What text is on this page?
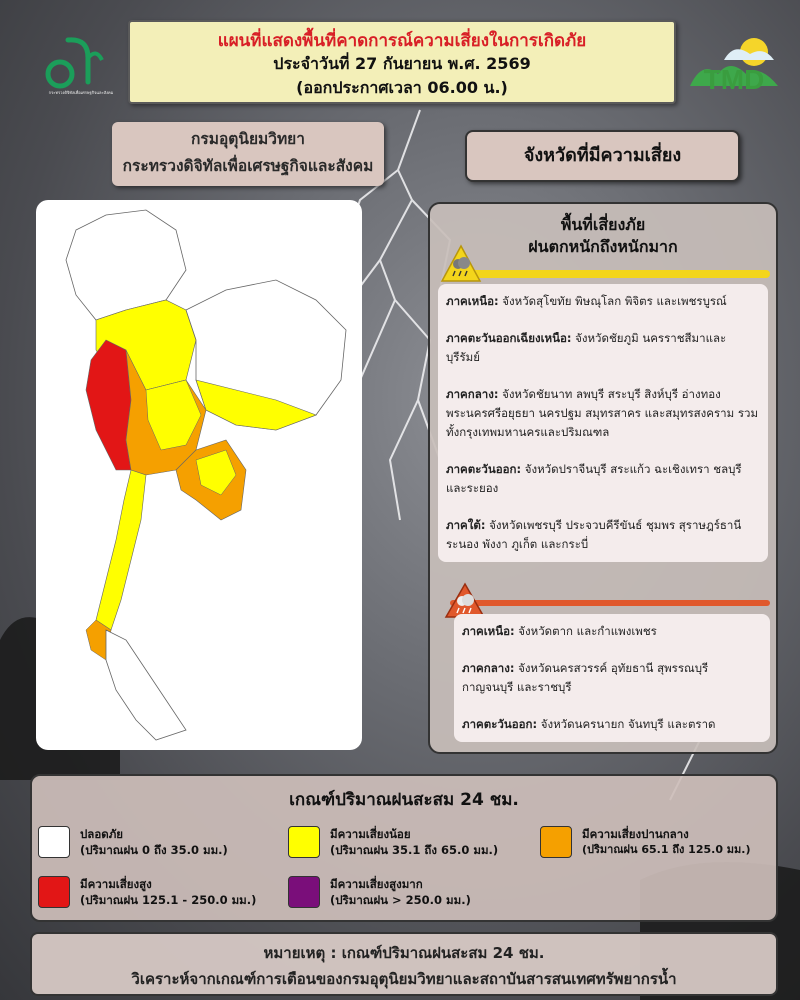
กระทรวงดิจิทัลเพื่อเศรษฐกิจและสังคม
แผนที่แสดงพื้นที่คาดการณ์ความเสี่ยงในการเกิดภัย
ประจำวันที่ 27 กันยายน พ.ศ. 2569
(ออกประกาศเวลา 06.00 น.)	TMD
กรมอุตุนิยมวิทยา
กระทรวงดิจิทัลเพื่อเศรษฐกิจและสังคม	จังหวัดที่มีความเสี่ยง
พื้นที่เสี่ยงภัย
ฝนตกหนักถึงหนักมาก

ภาคเหนือ: จังหวัดสุโขทัย พิษณุโลก พิจิตร และเพชรบูรณ์

ภาคตะวันออกเฉียงเหนือ: จังหวัดชัยภูมิ นครราชสีมาและบุรีรัมย์

ภาคกลาง: จังหวัดชัยนาท ลพบุรี สระบุรี สิงห์บุรี อ่างทอง พระนครศรีอยุธยา นครปฐม สมุทรสาคร และสมุทรสงคราม รวมทั้งกรุงเทพมหานครและปริมณฑล

ภาคตะวันออก: จังหวัดปราจีนบุรี สระแก้ว ฉะเชิงเทรา ชลบุรี และระยอง

ภาคใต้: จังหวัดเพชรบุรี ประจวบคีรีขันธ์ ชุมพร สุราษฎร์ธานี ระนอง พังงา ภูเก็ต และกระบี่

ภาคเหนือ: จังหวัดตาก และกำแพงเพชร

ภาคกลาง: จังหวัดนครสวรรค์ อุทัยธานี สุพรรณบุรี กาญจนบุรี และราชบุรี

ภาคตะวันออก: จังหวัดนครนายก จันทบุรี และตราด

เกณฑ์ปริมาณฝนสะสม 24 ชม.
ปลอดภัย
(ปริมาณฝน 0 ถึง 35.0 มม.)
มีความเสี่ยงน้อย
(ปริมาณฝน 35.1 ถึง 65.0 มม.)
มีความเสี่ยงปานกลาง
(ปริมาณฝน 65.1 ถึง 125.0 มม.)
มีความเสี่ยงสูง
(ปริมาณฝน 125.1 - 250.0 มม.)
มีความเสี่ยงสูงมาก
(ปริมาณฝน > 250.0 มม.)
หมายเหตุ : เกณฑ์ปริมาณฝนสะสม 24 ชม.
วิเคราะห์จากเกณฑ์การเตือนของกรมอุตุนิยมวิทยาและสถาบันสารสนเทศทรัพยากรน้ำ
